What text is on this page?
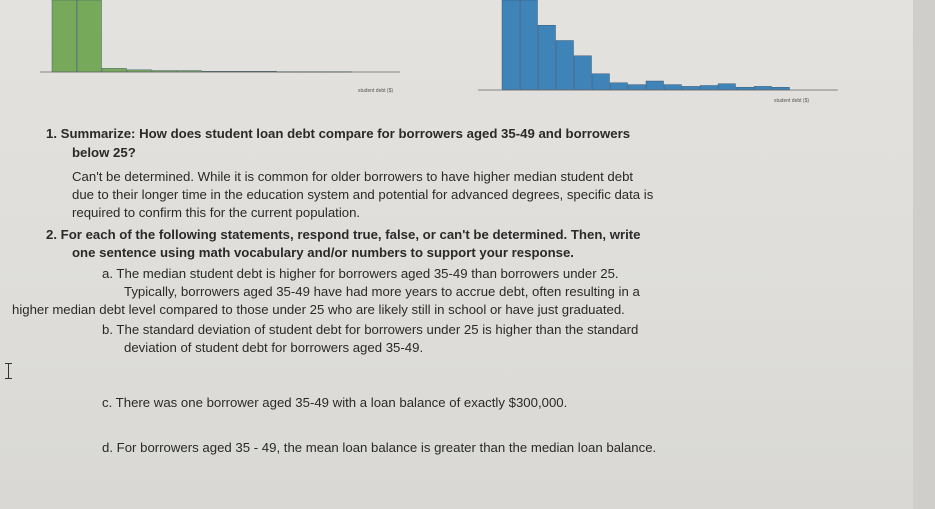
student debt ($)
student debt ($)
1. Summarize: How does student loan debt compare for borrowers aged 35-49 and borrowers
below 25?
Can't be determined. While it is common for older borrowers to have higher median student debt
due to their longer time in the education system and potential for advanced degrees, specific data is
required to confirm this for the current population.
2. For each of the following statements, respond true, false, or can't be determined. Then, write
one sentence using math vocabulary and/or numbers to support your response.
a. The median student debt is higher for borrowers aged 35-49 than borrowers under 25.
Typically, borrowers aged 35-49 have had more years to accrue debt, often resulting in a
higher median debt level compared to those under 25 who are likely still in school or have just graduated.
b. The standard deviation of student debt for borrowers under 25 is higher than the standard
deviation of student debt for borrowers aged 35-49.
c. There was one borrower aged 35-49 with a loan balance of exactly $300,000.
d. For borrowers aged 35 - 49, the mean loan balance is greater than the median loan balance.
